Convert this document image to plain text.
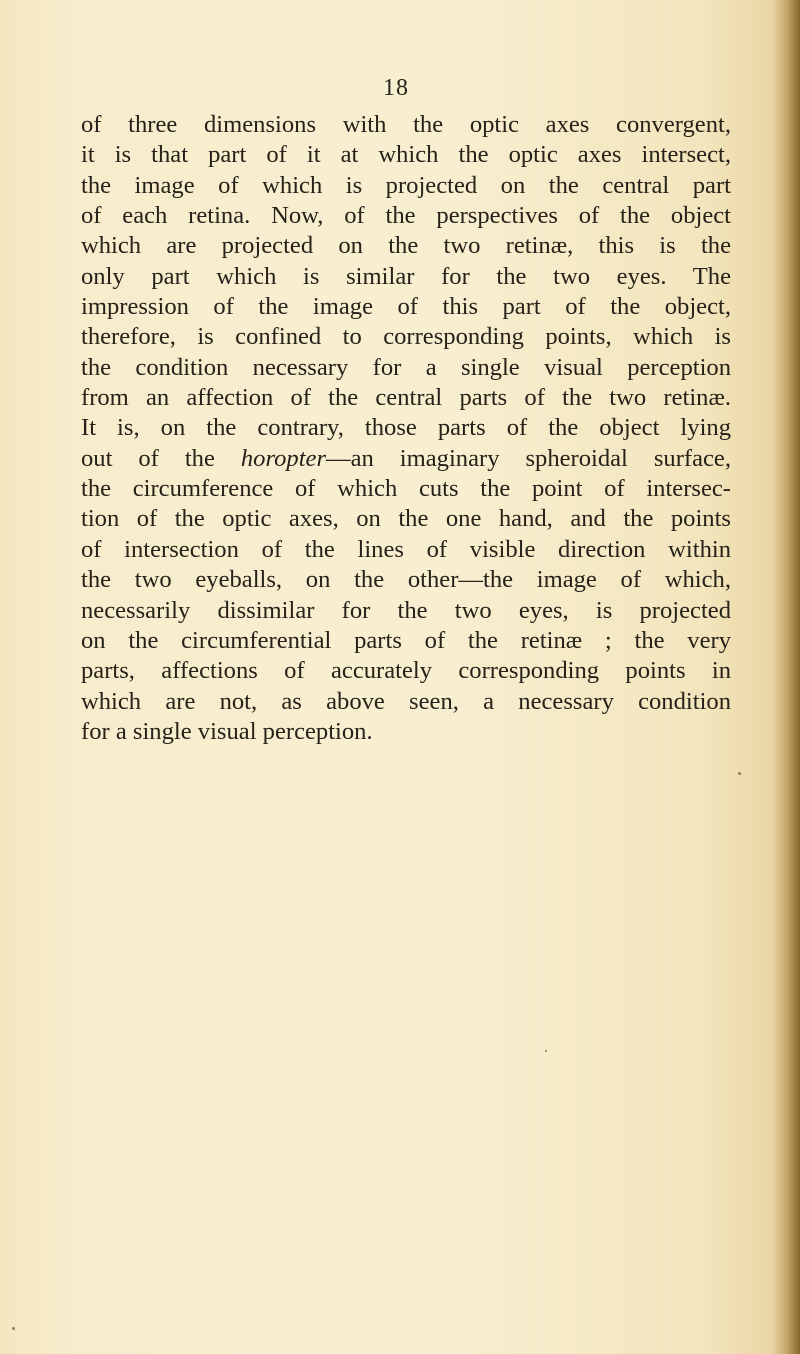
18
of three dimensions with the optic axes convergent,
it is that part of it at which the optic axes intersect,
the image of which is projected on the central part
of each retina. Now, of the perspectives of the object
which are projected on the two retinæ, this is the
only part which is similar for the two eyes. The
impression of the image of this part of the object,
therefore, is confined to corresponding points, which is
the condition necessary for a single visual perception
from an affection of the central parts of the two retinæ.
It is, on the contrary, those parts of the object lying
out of the horopter—an imaginary spheroidal surface,
the circumference of which cuts the point of intersec-
tion of the optic axes, on the one hand, and the points
of intersection of the lines of visible direction within
the two eyeballs, on the other—the image of which,
necessarily dissimilar for the two eyes, is projected
on the circumferential parts of the retinæ ; the very
parts, affections of accurately corresponding points in
which are not, as above seen, a necessary condition
for a single visual perception.
